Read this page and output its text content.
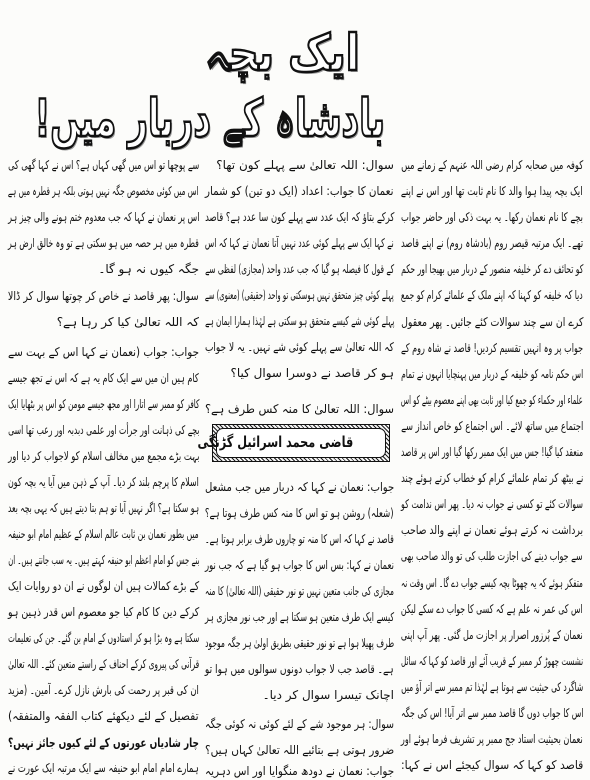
ایک بچہ
بادشاہ کے دربار میں!
کوفہ میں صحابہ کرام رضی اللہ عنہم کے زمانے میں
ایک بچہ پیدا ہوا والد کا نام ثابت تھا اور اس نے اپنے
بچے کا نام نعمان رکھا۔ یہ بہت ذکی اور حاضر جواب
تھے۔ ایک مرتبہ قیصر روم (بادشاہ روم) نے اپنے قاصد
کو تحائف دے کر خلیفہ منصور کے دربار میں بھیجا اور حکم
دیا کہ خلیفہ کو کہنا کہ اپنے ملک کے علمائے کرام کو جمع
کرے ان سے چند سوالات کئے جائیں۔ پھر معقول
جواب پر وہ انہیں تقسیم کردیں! قاصد نے شاہ روم کے
اس حکم نامہ کو خلیفہ کے دربار میں پہنچایا انہوں نے تمام
علماء اور حکماء کو جمع کیا اور ثابت بھی اپنے معصوم بیٹے کو اس
اجتماع میں ساتھ لائے۔ اس اجتماع کو خاص انداز سے
منعقد کیا گیا! جس میں ایک ممبر رکھا گیا اور اس پر قاصد
نے بیٹھ کر تمام علمائے کرام کو خطاب کرتے ہوئے چند
سوالات کئے تو کسی نے جواب نہ دیا۔ پھر اس ندامت کو
برداشت نہ کرتے ہوئے نعمان نے اپنے والد صاحب
سے جواب دینے کی اجازت طلب کی تو والد صاحب بھی
متفکر ہوئے کہ یہ چھوٹا بچہ کیسے جواب دے گا۔ اس وقت نہ
اس کی عمر نہ علم ہے کہ کسی کا جواب دے سکے لیکن
نعمان کے پُرزور اصرار پر اجازت مل گئی۔ پھر آپ اپنی
نشست چھوڑ کر ممبر کے قریب آئے اور قاصد کو کہا کہ سائل
شاگرد کی حیثیت سے ہوتا ہے لہٰذا تم ممبر سے اتر آؤ میں
اس کا جواب دوں گا قاصد ممبر سے اتر آیا! اس کی جگہ
نعمان بحیثیت استاد جج ممبر پر تشریف فرما ہوئے اور
قاصد کو کہا کہ سوال کیجئے اس نے کہا:
سوال: اللہ تعالیٰ سے پہلے کون تھا؟
نعمان کا جواب: اعداد (ایک دو تین) کو شمار
کرکے بتاؤ کہ ایک عدد سے پہلے کون سا عدد ہے؟ قاصد
نے کہا ایک سے پہلے کوئی عدد نہیں آتا نعمان نے کہا کہ اس
کے قول کا فیصلہ ہو گیا کہ جب عدد واحد (مجازی) لفظی سے
پہلے کوئی چیز متحقق نہیں ہوسکتی تو واحد (حقیقی) (معنوی) سے
پہلے کوئی شے کیسے متحقق ہو سکتی ہے لہٰذا ہمارا ایمان ہے
کہ اللہ تعالیٰ سے پہلے کوئی شے نہیں۔ یہ لا جواب
ہو کر قاصد نے دوسرا سوال کیا؟
سوال: اللہ تعالیٰ کا منہ کس طرف ہے؟
قاضی محمد اسرائیل گڑنگی
جواب: نعمان نے کہا کہ دربار میں جب مشعل
(شعلہ) روشن ہو تو اس کا منہ کس طرف ہوتا ہے؟
قاصد نے کہا کہ اس کا منہ تو چاروں طرف برابر ہوتا ہے۔
نعمان نے کہا: بس اس کا جواب ہو گیا ہے کہ جب نور
مجازی کی جانب متعین نہیں تو نور حقیقی (اللہ تعالیٰ) کا منہ
کیسے ایک طرف متعین ہو سکتا ہے اور جب نور مجازی ہر
طرف پھیلا ہوا ہے تو نور حقیقی بطریق اولیٰ ہر جگہ موجود
ہے۔ قاصد جب لا جواب دونوں سوالوں میں ہوا تو
اچانک تیسرا سوال کر دیا۔
سوال: ہر موجود شے کے لئے کوئی نہ کوئی جگہ
ضرور ہوتی ہے بتائیے اللہ تعالیٰ کہاں ہیں؟
جواب: نعمان نے دودھ منگوایا اور اس دہریہ
سے پوچھا تو اس میں گھی کہاں ہے؟ اس نے کہا گھی کی
اس میں کوئی مخصوص جگہ نہیں ہوتی بلکہ ہر قطرہ میں ہے
اس پر نعمان نے کہا کہ جب معدوم ختم ہونے والی چیز ہر
قطرہ میں ہر حصہ میں ہو سکتی ہے تو وہ خالق ارض ہر
جگہ کیوں نہ ہو گا۔
سوال: پھر قاصد نے خاص کر چوتھا سوال کر ڈالا
کہ اللہ تعالیٰ کیا کر رہا ہے؟
جواب: جواب (نعمان نے کہا اس کے بہت سے
کام ہیں ان میں سے ایک کام یہ ہے کہ اس نے تجھ جیسے
کافر کو ممبر سے اتارا اور مجھ جیسے مومن کو اس پر بٹھایا ایک
بچے کی ذہانت اور جرأت اور علمی دبدبہ اور رعب تھا اسی
بہت بڑے مجمع میں مخالف اسلام کو لاجواب کر دیا اور
اسلام کا پرچم بلند کر دیا۔ آپ کے ذہن میں آیا یہ بچہ کون
ہو سکتا ہے؟ اگر نہیں آیا تو ہم بتا دیتے ہیں کہ یہی بچہ بعد
میں بطور نعمان بن ثابت عالم اسلام کے عظیم امام ابو حنیفہ
بنے جس کو امام اعظم ابو حنیفہ کہتے ہیں۔ یہ سب جانتے ہیں۔ ان
کے بڑے کمالات ہیں ان لوگوں نے ان دو روایات ایک
کرکے دین کا کام کیا جو معصوم اس قدر ذہین ہو
سکتا ہے وہ بڑا ہو کر استادوں کے امام بن گئے۔ جن کی تعلیمات
قرآنی کی پیروی کرکے احناف کے راستے متعین کئے۔ اللہ تعالیٰ
ان کی قبر پر رحمت کی بارش نازل کرے۔ آمین۔ (مزید
تفصیل کے لئے دیکھئے کتاب الفقہ والمتفقہ)
چار شادیاں عورتوں کے لئے کیوں جائز نہیں؟
ہمارے امام امام ابو حنیفہ سے ایک مرتبہ ایک عورت نے
